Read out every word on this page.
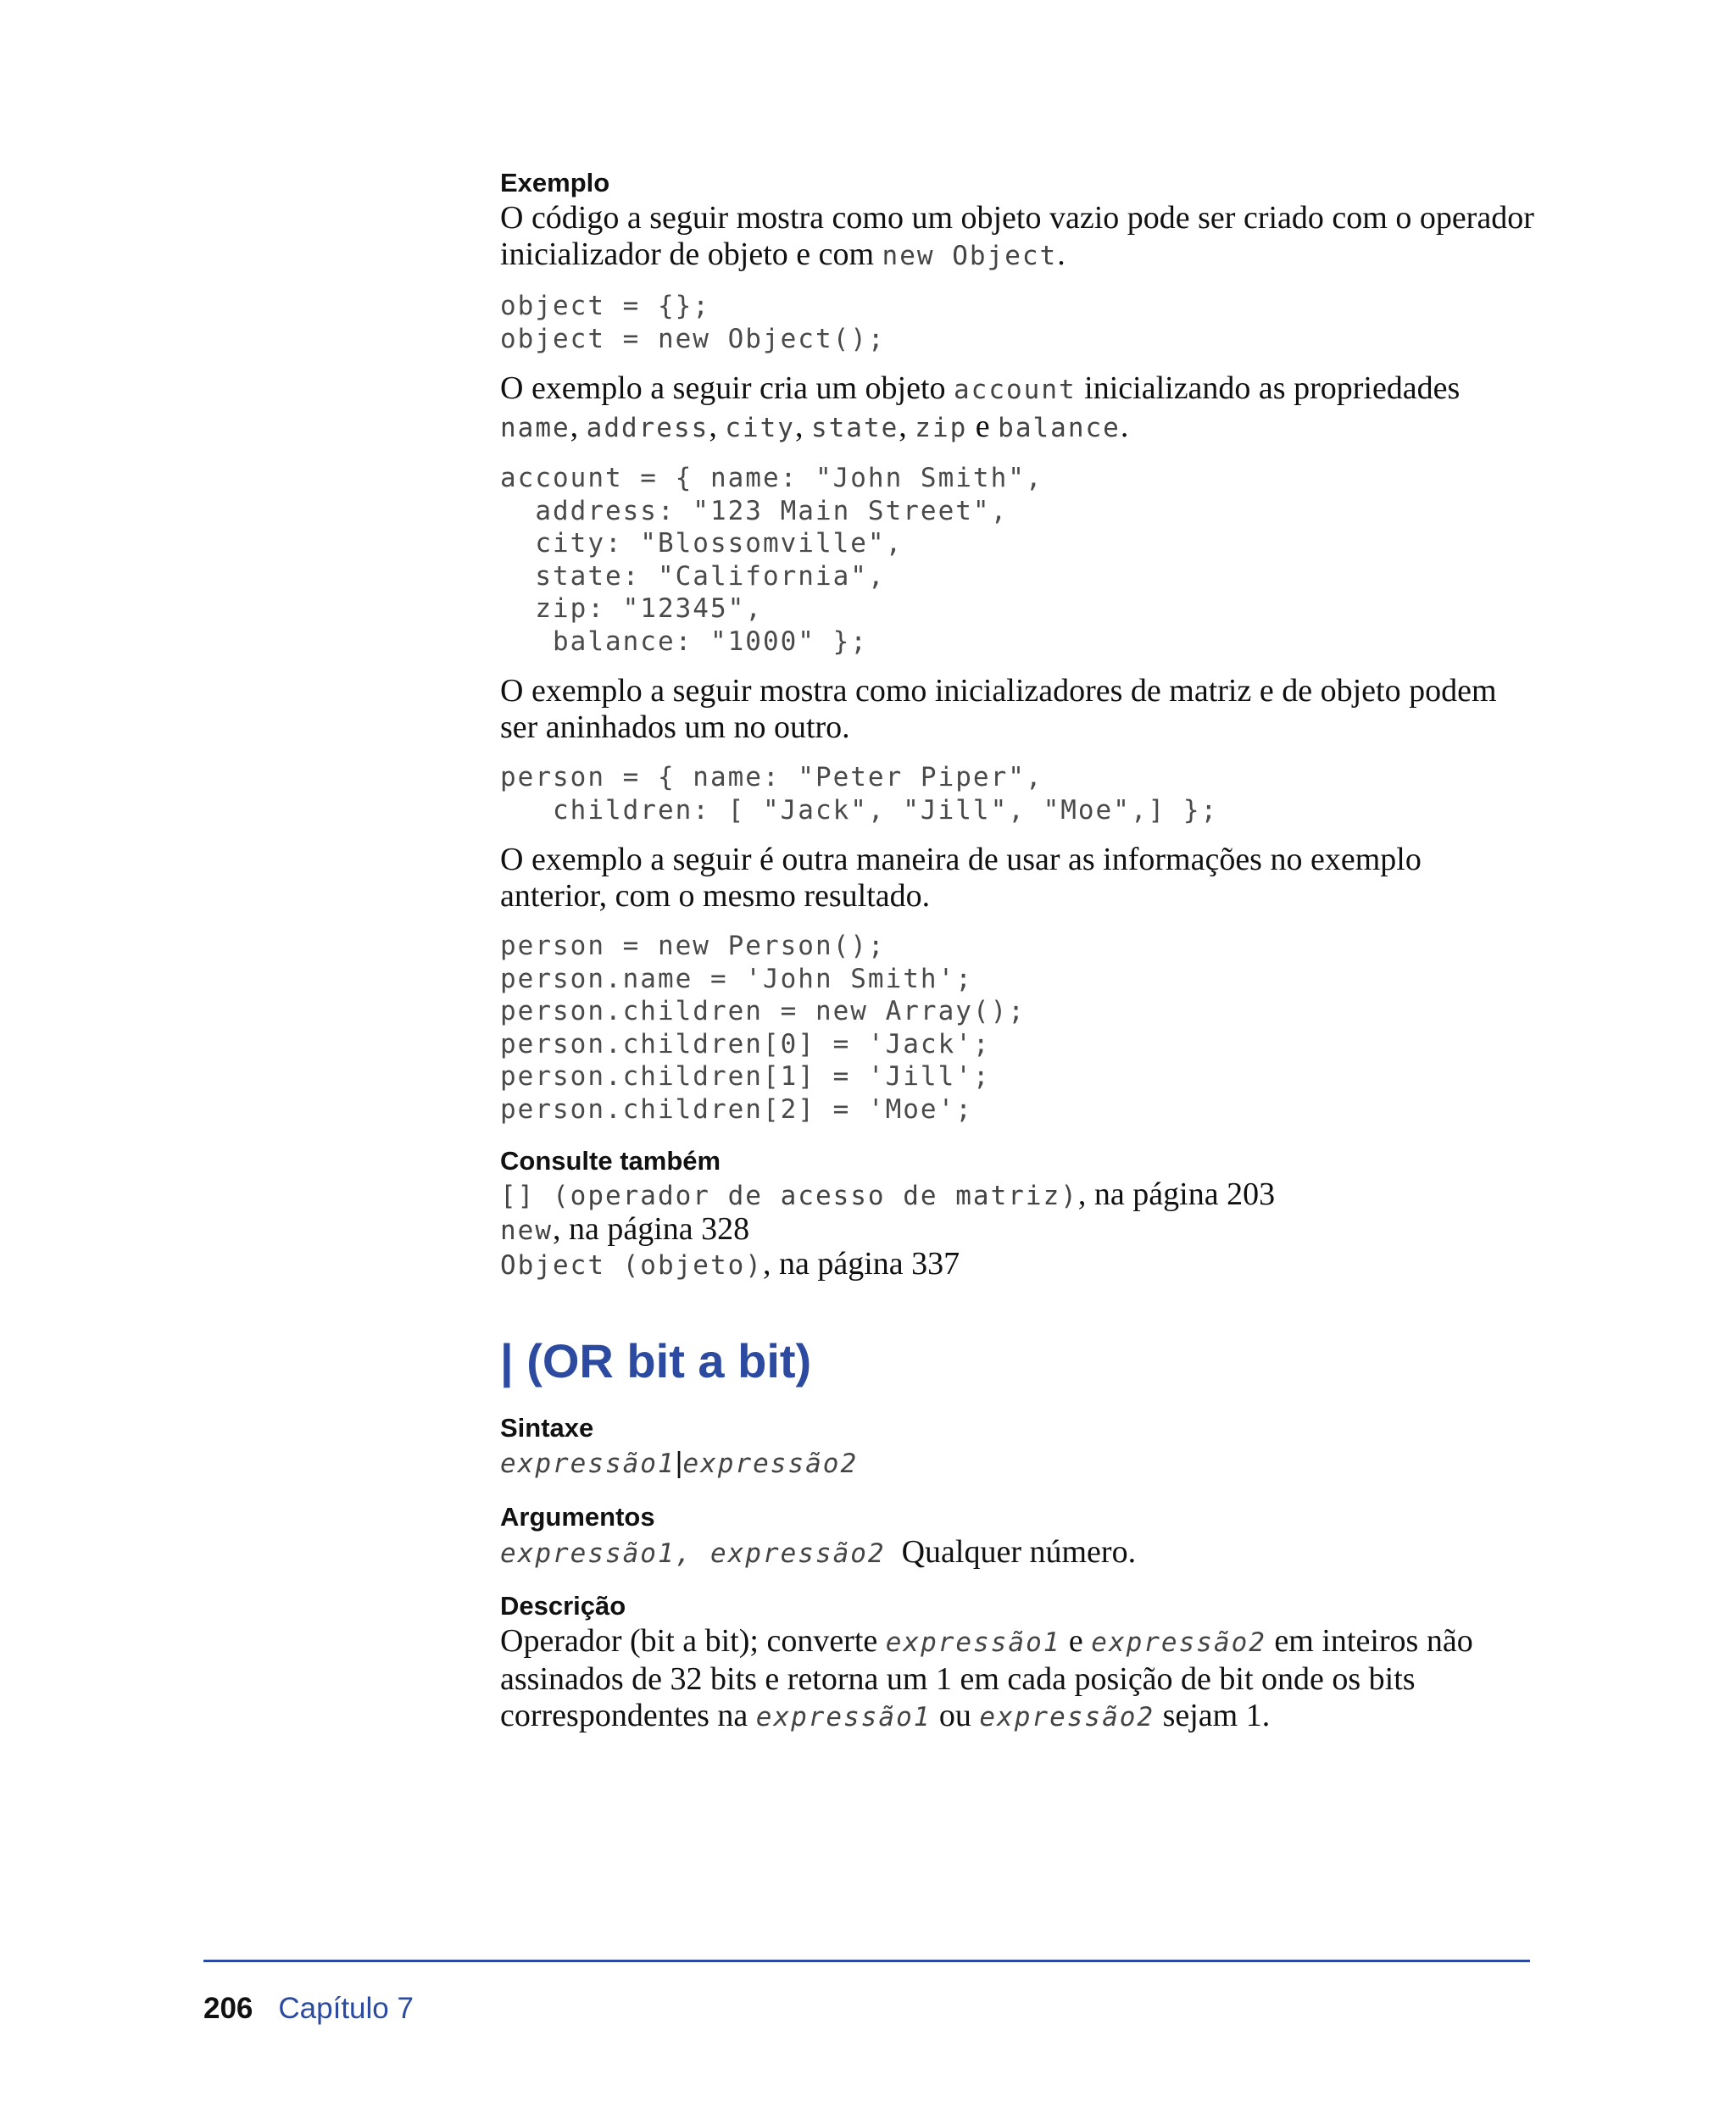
Exemplo

O código a seguir mostra como um objeto vazio pode ser criado com o operador inicializador de objeto e com new Object.

object = {};
object = new Object();

O exemplo a seguir cria um objeto account inicializando as propriedades name, address, city, state, zip e balance.

account = { name: "John Smith",
address: "123 Main Street",
city: "Blossomville",
state: "California",
zip: "12345",
balance: "1000" };

O exemplo a seguir mostra como inicializadores de matriz e de objeto podem ser aninhados um no outro.

person = { name: "Peter Piper",
children: [ "Jack", "Jill", "Moe",] };

O exemplo a seguir é outra maneira de usar as informações no exemplo anterior, com o mesmo resultado.

person = new Person();
person.name = 'John Smith';
person.children = new Array();
person.children[0] = 'Jack';
person.children[1] = 'Jill';
person.children[2] = 'Moe';
Consulte também
[] (operador de acesso de matriz), na página 203
new, na página 328
Object (objeto), na página 337
| (OR bit a bit)
Sintaxe
expressão1|expressão2
Argumentos

expressão1, expressão2  Qualquer número.

Descrição

Operador (bit a bit); converte expressão1 e expressão2 em inteiros não assinados de 32 bits e retorna um 1 em cada posição de bit onde os bits correspondentes na expressão1 ou expressão2 sejam 1.

206 Capítulo 7
